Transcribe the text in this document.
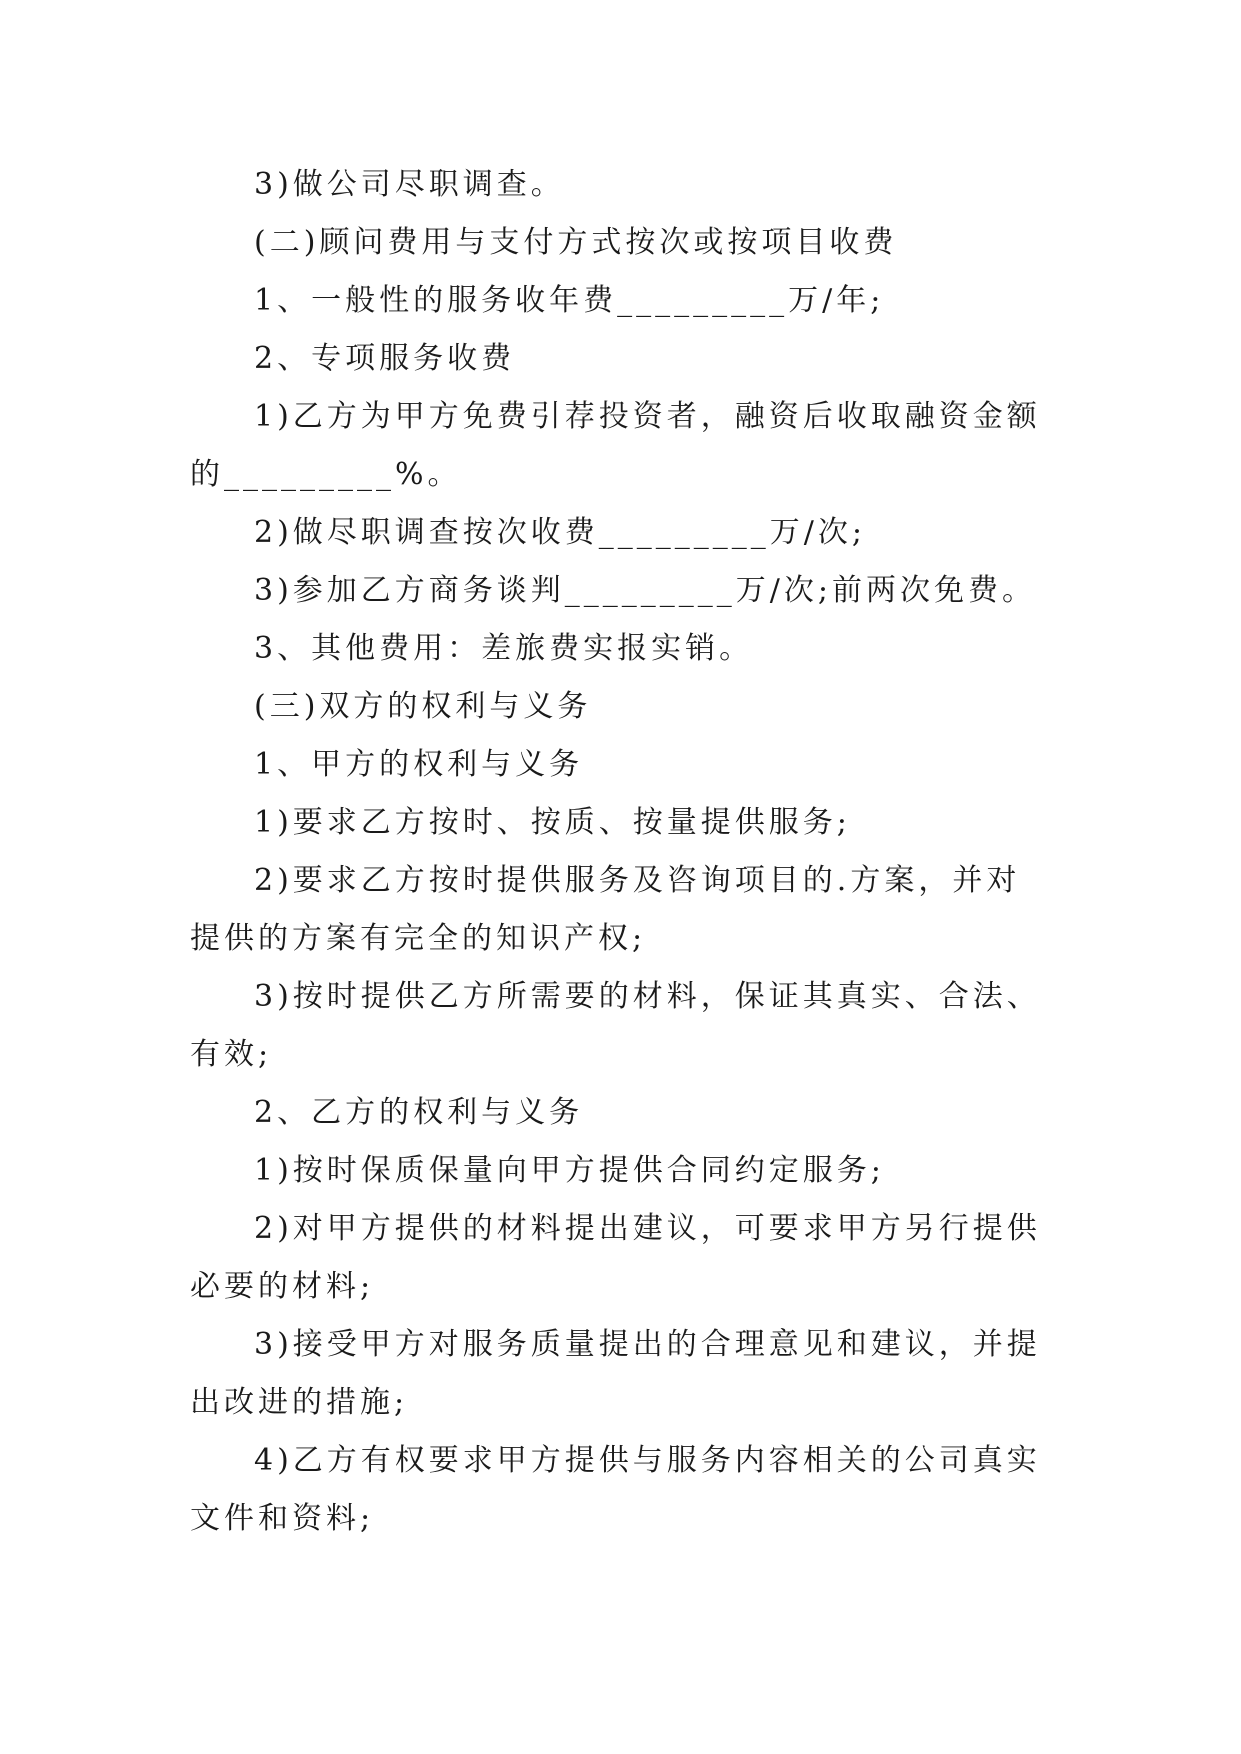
3)做公司尽职调查。

(二)顾问费用与支付方式按次或按项目收费

1、一般性的服务收年费_________万/年;

2、专项服务收费

1)乙方为甲方免费引荐投资者，融资后收取融资金额的_________%。

2)做尽职调查按次收费_________万/次;

3)参加乙方商务谈判_________万/次;前两次免费。

3、其他费用：差旅费实报实销。

(三)双方的权利与义务

1、甲方的权利与义务

1)要求乙方按时、按质、按量提供服务;

2)要求乙方按时提供服务及咨询项目的.方案，并对提供的方案有完全的知识产权;

3)按时提供乙方所需要的材料，保证其真实、合法、有效;

2、乙方的权利与义务

1)按时保质保量向甲方提供合同约定服务;

2)对甲方提供的材料提出建议，可要求甲方另行提供必要的材料;

3)接受甲方对服务质量提出的合理意见和建议，并提出改进的措施;

4)乙方有权要求甲方提供与服务内容相关的公司真实文件和资料;
